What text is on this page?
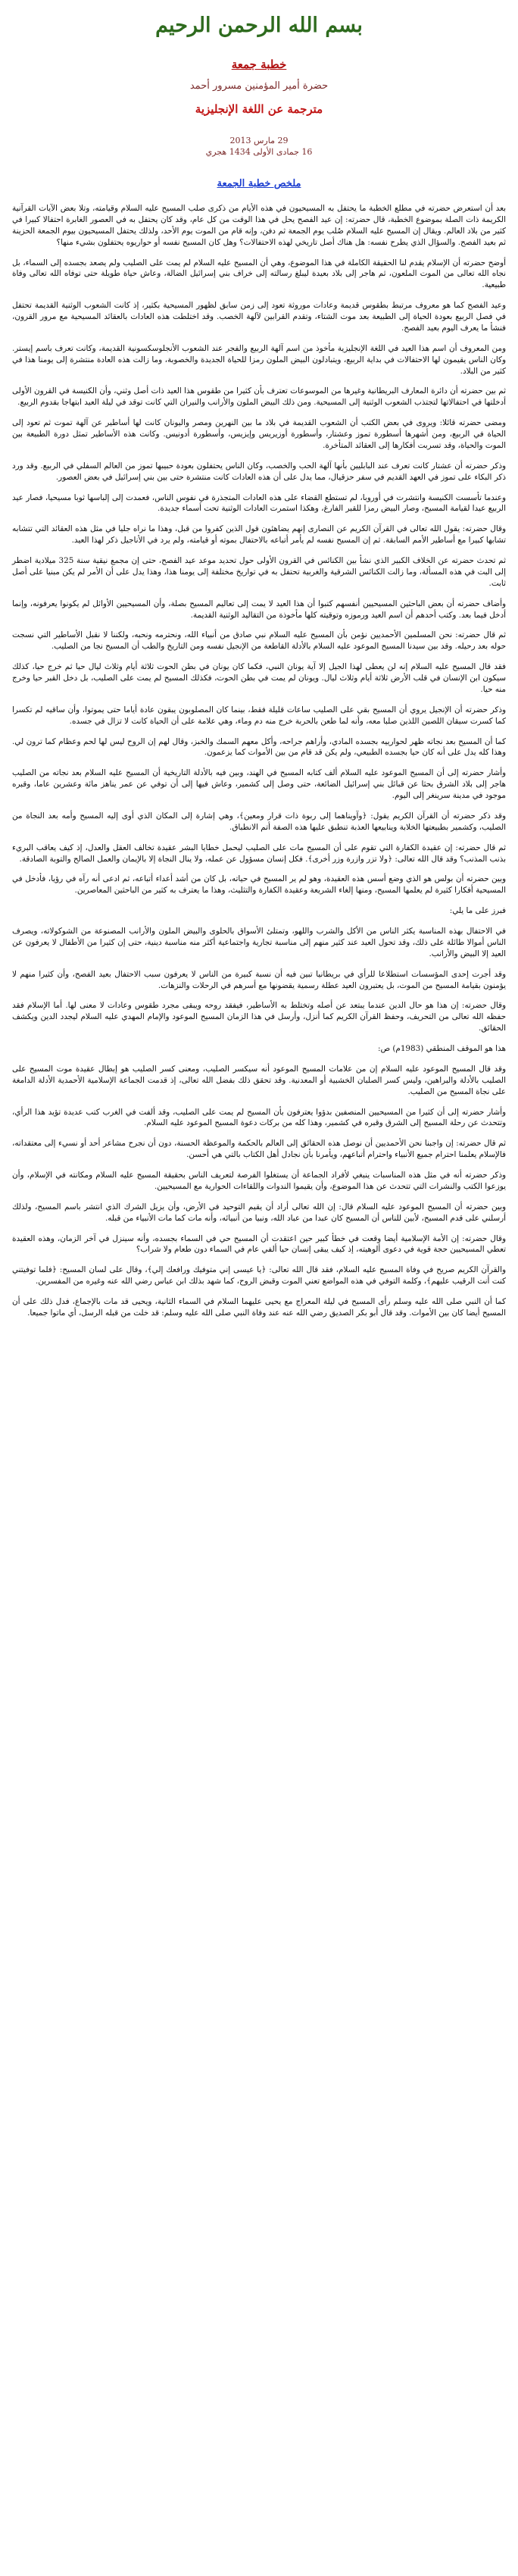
بسم الله الرحمن الرحيم
خطبة جمعة
حضرة أمير المؤمنين مسرور أحمد
مترجمة عن اللغة الإنجليزية
29 مارس 2013
16 جمادى الأولى 1434 هجري
ملخص خطبة الجمعة

بعد أن استعرض حضرته في مطلع الخطبة ما يحتفل به المسيحيون في هذه الأيام من ذكرى صلب المسيح عليه السلام وقيامته، وتلا بعض الآيات القرآنية الكريمة ذات الصلة بموضوع الخطبة، قال حضرته: إن عيد الفصح يحل في هذا الوقت من كل عام، وقد كان يحتفل به في العصور الغابرة احتفالا كبيرا في كثير من بلاد العالم. ويقال إن المسيح عليه السلام صُلب يوم الجمعة ثم دفن، وإنه قام من الموت يوم الأحد، ولذلك يحتفل المسيحيون بيوم الجمعة الحزينة ثم بعيد الفصح. والسؤال الذي يطرح نفسه: هل هناك أصل تاريخي لهذه الاحتفالات؟ وهل كان المسيح نفسه أو حواريوه يحتفلون بشيء منها؟

أوضح حضرته أن الإسلام يقدم لنا الحقيقة الكاملة في هذا الموضوع، وهي أن المسيح عليه السلام لم يمت على الصليب ولم يصعد بجسده إلى السماء، بل نجاه الله تعالى من الموت الملعون، ثم هاجر إلى بلاد بعيدة ليبلغ رسالته إلى خراف بني إسرائيل الضالة، وعاش حياة طويلة حتى توفاه الله تعالى وفاة طبيعية.

وعيد الفصح كما هو معروف مرتبط بطقوس قديمة وعادات موروثة تعود إلى زمن سابق لظهور المسيحية بكثير، إذ كانت الشعوب الوثنية القديمة تحتفل في فصل الربيع بعودة الحياة إلى الطبيعة بعد موت الشتاء، وتقدم القرابين لآلهة الخصب. وقد اختلطت هذه العادات بالعقائد المسيحية مع مرور القرون، فنشأ ما يعرف اليوم بعيد الفصح.

ومن المعروف أن اسم هذا العيد في اللغة الإنجليزية مأخوذ من اسم آلهة الربيع والفجر عند الشعوب الأنجلوسكسونية القديمة، وكانت تعرف باسم إيستر. وكان الناس يقيمون لها الاحتفالات في بداية الربيع، ويتبادلون البيض الملون رمزا للحياة الجديدة والخصوبة، وما زالت هذه العادة منتشرة إلى يومنا هذا في كثير من البلاد.

ثم بين حضرته أن دائرة المعارف البريطانية وغيرها من الموسوعات تعترف بأن كثيرا من طقوس هذا العيد ذات أصل وثني، وأن الكنيسة في القرون الأولى أدخلتها في احتفالاتها لتجتذب الشعوب الوثنية إلى المسيحية. ومن ذلك البيض الملون والأرانب والنيران التي كانت توقد في ليلة العيد ابتهاجا بقدوم الربيع.

ومضى حضرته قائلا: ويروى في بعض الكتب أن الشعوب القديمة في بلاد ما بين النهرين ومصر واليونان كانت لها أساطير عن آلهة تموت ثم تعود إلى الحياة في الربيع، ومن أشهرها أسطورة تموز وعشتار، وأسطورة أوزيريس وإيزيس، وأسطورة أدونيس. وكانت هذه الأساطير تمثل دورة الطبيعة بين الموت والحياة، وقد تسربت أفكارها إلى العقائد المتأخرة.

وذكر حضرته أن عشتار كانت تعرف عند البابليين بأنها آلهة الحب والخصب، وكان الناس يحتفلون بعودة حبيبها تموز من العالم السفلي في الربيع. وقد ورد ذكر البكاء على تموز في العهد القديم في سفر حزقيال، مما يدل على أن هذه العادات كانت منتشرة حتى بين بني إسرائيل في بعض العصور.

وعندما تأسست الكنيسة وانتشرت في أوروبا، لم تستطع القضاء على هذه العادات المتجذرة في نفوس الناس، فعمدت إلى إلباسها ثوبا مسيحيا، فصار عيد الربيع عيدا لقيامة المسيح، وصار البيض رمزا للقبر الفارغ، وهكذا استمرت العادات الوثنية تحت أسماء جديدة.

وقال حضرته: يقول الله تعالى في القرآن الكريم عن النصارى إنهم يضاهئون قول الذين كفروا من قبل، وهذا ما نراه جليا في مثل هذه العقائد التي تتشابه تشابها كبيرا مع أساطير الأمم السابقة. ثم إن المسيح نفسه لم يأمر أتباعه بالاحتفال بموته أو قيامته، ولم يرد في الأناجيل ذكر لهذا العيد.

ثم تحدث حضرته عن الخلاف الكبير الذي نشأ بين الكنائس في القرون الأولى حول تحديد موعد عيد الفصح، حتى إن مجمع نيقية سنة 325 ميلادية اضطر إلى البت في هذه المسألة، وما زالت الكنائس الشرقية والغربية تحتفل به في تواريخ مختلفة إلى يومنا هذا، وهذا يدل على أن الأمر لم يكن مبنيا على أصل ثابت.

وأضاف حضرته أن بعض الباحثين المسيحيين أنفسهم كتبوا أن هذا العيد لا يمت إلى تعاليم المسيح بصلة، وأن المسيحيين الأوائل لم يكونوا يعرفونه، وإنما أدخل فيما بعد. وكتب أحدهم أن اسم العيد ورموزه وتوقيته كلها مأخوذة من التقاليد الوثنية القديمة.

ثم قال حضرته: نحن المسلمين الأحمديين نؤمن بأن المسيح عليه السلام نبي صادق من أنبياء الله، ونحترمه ونحبه، ولكننا لا نقبل الأساطير التي نسجت حوله بعد رحيله. وقد بين سيدنا المسيح الموعود عليه السلام بالأدلة القاطعة من الإنجيل نفسه ومن التاريخ والطب أن المسيح نجا من الصليب.

فقد قال المسيح عليه السلام إنه لن يعطى لهذا الجيل إلا آية يونان النبي، فكما كان يونان في بطن الحوت ثلاثة أيام وثلاث ليال حيا ثم خرج حيا، كذلك سيكون ابن الإنسان في قلب الأرض ثلاثة أيام وثلاث ليال. ويونان لم يمت في بطن الحوت، فكذلك المسيح لم يمت على الصليب، بل دخل القبر حيا وخرج منه حيا.

وذكر حضرته أن الإنجيل يروي أن المسيح بقي على الصليب ساعات قليلة فقط، بينما كان المصلوبون يبقون عادة أياما حتى يموتوا، وأن ساقيه لم تكسرا كما كسرت سيقان اللصين اللذين صلبا معه، وأنه لما طعن بالحربة خرج منه دم وماء، وهي علامة على أن الحياة كانت لا تزال في جسده.

كما أن المسيح بعد نجاته ظهر لحوارييه بجسده المادي، وأراهم جراحه، وأكل معهم السمك والخبز، وقال لهم إن الروح ليس لها لحم وعظام كما ترون لي. وهذا كله يدل على أنه كان حيا بجسده الطبيعي، ولم يكن قد قام من بين الأموات كما يزعمون.

وأشار حضرته إلى أن المسيح الموعود عليه السلام ألف كتابه المسيح في الهند، وبين فيه بالأدلة التاريخية أن المسيح عليه السلام بعد نجاته من الصليب هاجر إلى بلاد الشرق بحثا عن قبائل بني إسرائيل الضائعة، حتى وصل إلى كشمير، وعاش فيها إلى أن توفي عن عمر يناهز مائة وعشرين عاما، وقبره موجود في مدينة سرينغر إلى اليوم.

وقد ذكر حضرته أن القرآن الكريم يقول: ﴿وآويناهما إلى ربوة ذات قرار ومعين﴾، وهي إشارة إلى المكان الذي أوى إليه المسيح وأمه بعد النجاة من الصليب، وكشمير بطبيعتها الخلابة وينابيعها العذبة تنطبق عليها هذه الصفة أتم الانطباق.

ثم قال حضرته: إن عقيدة الكفارة التي تقوم على أن المسيح مات على الصليب ليحمل خطايا البشر عقيدة تخالف العقل والعدل، إذ كيف يعاقب البريء بذنب المذنب؟ وقد قال الله تعالى: ﴿ولا تزر وازرة وزر أخرى﴾. فكل إنسان مسؤول عن عمله، ولا ينال النجاة إلا بالإيمان والعمل الصالح والتوبة الصادقة.

وبين حضرته أن بولس هو الذي وضع أسس هذه العقيدة، وهو لم ير المسيح في حياته، بل كان من أشد أعداء أتباعه، ثم ادعى أنه رآه في رؤيا، فأدخل في المسيحية أفكارا كثيرة لم يعلمها المسيح، ومنها إلغاء الشريعة وعقيدة الكفارة والتثليث، وهذا ما يعترف به كثير من الباحثين المعاصرين.

فبرز على ما يلي:

في الاحتفال بهذه المناسبة يكثر الناس من الأكل والشرب واللهو، وتمتلئ الأسواق بالحلوى والبيض الملون والأرانب المصنوعة من الشوكولاته، ويصرف الناس أموالا طائلة على ذلك، وقد تحول العيد عند كثير منهم إلى مناسبة تجارية واجتماعية أكثر منه مناسبة دينية، حتى إن كثيرا من الأطفال لا يعرفون عن العيد إلا البيض والأرانب.

وقد أجرت إحدى المؤسسات استطلاعا للرأي في بريطانيا تبين فيه أن نسبة كبيرة من الناس لا يعرفون سبب الاحتفال بعيد الفصح، وأن كثيرا منهم لا يؤمنون بقيامة المسيح من الموت، بل يعتبرون العيد عطلة رسمية يقضونها مع أسرهم في الرحلات والنزهات.

وقال حضرته: إن هذا هو حال الدين عندما يبتعد عن أصله وتختلط به الأساطير، فيفقد روحه ويبقى مجرد طقوس وعادات لا معنى لها. أما الإسلام فقد حفظه الله تعالى من التحريف، وحفظ القرآن الكريم كما أنزل، وأرسل في هذا الزمان المسيح الموعود والإمام المهدي عليه السلام ليجدد الدين ويكشف الحقائق.

هذا هو الموقف المنطقي (1983م) ص:

وقد قال المسيح الموعود عليه السلام إن من علامات المسيح الموعود أنه سيكسر الصليب، ومعنى كسر الصليب هو إبطال عقيدة موت المسيح على الصليب بالأدلة والبراهين، وليس كسر الصلبان الخشبية أو المعدنية. وقد تحقق ذلك بفضل الله تعالى، إذ قدمت الجماعة الإسلامية الأحمدية الأدلة الدامغة على نجاة المسيح من الصليب.

وأشار حضرته إلى أن كثيرا من المسيحيين المنصفين بدؤوا يعترفون بأن المسيح لم يمت على الصليب، وقد ألفت في الغرب كتب عديدة تؤيد هذا الرأي، وتتحدث عن رحلة المسيح إلى الشرق وقبره في كشمير، وهذا كله من بركات دعوة المسيح الموعود عليه السلام.

ثم قال حضرته: إن واجبنا نحن الأحمديين أن نوصل هذه الحقائق إلى العالم بالحكمة والموعظة الحسنة، دون أن نجرح مشاعر أحد أو نسيء إلى معتقداته، فالإسلام يعلمنا احترام جميع الأنبياء واحترام أتباعهم، ويأمرنا بأن نجادل أهل الكتاب بالتي هي أحسن.

وذكر حضرته أنه في مثل هذه المناسبات ينبغي لأفراد الجماعة أن يستغلوا الفرصة لتعريف الناس بحقيقة المسيح عليه السلام ومكانته في الإسلام، وأن يوزعوا الكتب والنشرات التي تتحدث عن هذا الموضوع، وأن يقيموا الندوات واللقاءات الحوارية مع المسيحيين.

وبين حضرته أن المسيح الموعود عليه السلام قال: إن الله تعالى أراد أن يقيم التوحيد في الأرض، وأن يزيل الشرك الذي انتشر باسم المسيح، ولذلك أرسلني على قدم المسيح، لأبين للناس أن المسيح كان عبدا من عباد الله، ونبيا من أنبيائه، وأنه مات كما مات الأنبياء من قبله.

وقال حضرته: إن الأمة الإسلامية أيضا وقعت في خطأ كبير حين اعتقدت أن المسيح حي في السماء بجسده، وأنه سينزل في آخر الزمان، وهذه العقيدة تعطي المسيحيين حجة قوية في دعوى ألوهيته، إذ كيف يبقى إنسان حيا ألفي عام في السماء دون طعام ولا شراب؟

والقرآن الكريم صريح في وفاة المسيح عليه السلام، فقد قال الله تعالى: ﴿يا عيسى إني متوفيك ورافعك إلي﴾، وقال على لسان المسيح: ﴿فلما توفيتني كنت أنت الرقيب عليهم﴾، وكلمة التوفي في هذه المواضع تعني الموت وقبض الروح، كما شهد بذلك ابن عباس رضي الله عنه وغيره من المفسرين.

كما أن النبي صلى الله عليه وسلم رأى المسيح في ليلة المعراج مع يحيى عليهما السلام في السماء الثانية، ويحيى قد مات بالإجماع، فدل ذلك على أن المسيح أيضا كان بين الأموات. وقد قال أبو بكر الصديق رضي الله عنه عند وفاة النبي صلى الله عليه وسلم: قد خلت من قبله الرسل، أي ماتوا جميعا.
